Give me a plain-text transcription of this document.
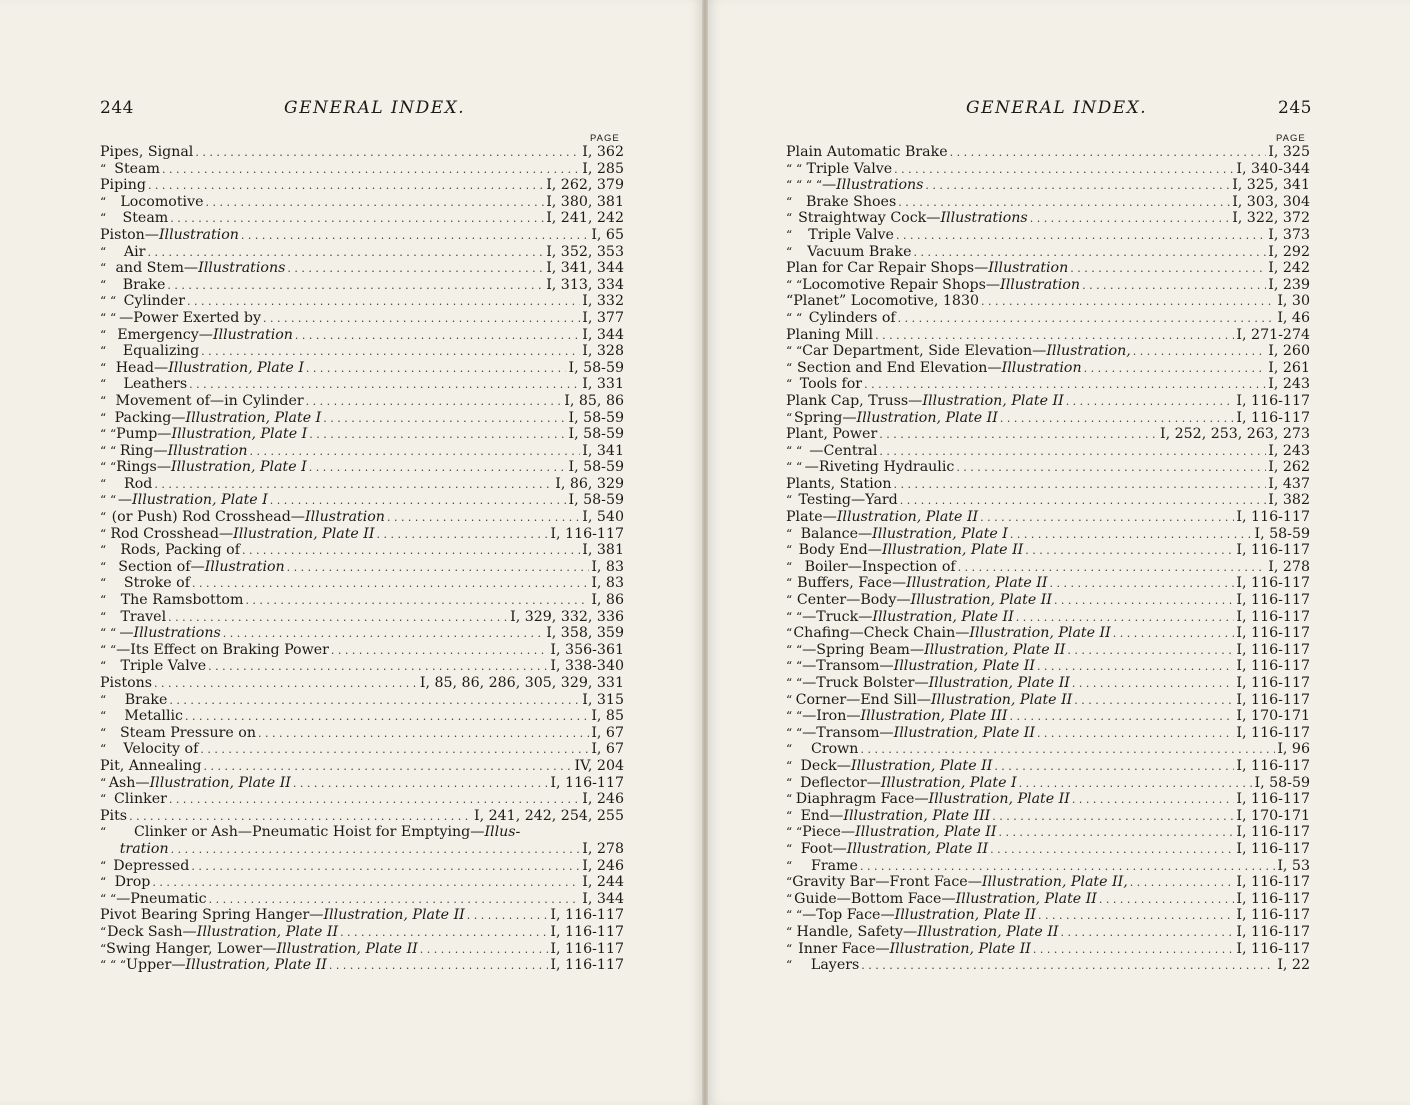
244	GENERAL INDEX.
PAGE
Pipes, Signal . . .	I, 362
“ Steam . . .	I, 285
Piping . . .	I, 262, 379
“	Locomotive . . .	I, 380, 381
“	Steam . . .	I, 241, 242
Piston—Illustration . . .	I, 65
“	Air . . .	I, 352, 353
“ and Stem—Illustrations . . .	I, 341, 344
“	Brake . . .	I, 313, 334
“ “ Cylinder . . .	I, 332
“ “ —Power Exerted by . . .	I, 377
“ Emergency—Illustration . . .	I, 344
“	Equalizing . . .	I, 328
“ Head—Illustration, Plate I . . .	I, 58-59
“	Leathers . . .	I, 331
“ Movement of—in Cylinder . . .	I, 85, 86
“ Packing—Illustration, Plate I . . .	I, 58-59
“ “ Pump—Illustration, Plate I . . .	I, 58-59
“ “ Ring—Illustration . . .	I, 341
“ “ Rings—Illustration, Plate I . . .	I, 58-59
“	Rod . . .	I, 86, 329
“ “ —Illustration, Plate I . . .	I, 58-59
“ (or Push) Rod Crosshead—Illustration . . .	I, 540
“ Rod Crosshead—Illustration, Plate II . . .	I, 116-117
“	Rods, Packing of . . .	I, 381
“ Section of—Illustration . . .	I, 83
“	Stroke of . . .	I, 83
“	The Ramsbottom . . .	I, 86
“	Travel . . .	I, 329, 332, 336
“ “ —Illustrations . . .	I, 358, 359
“ “ —Its Effect on Braking Power . . .	I, 356-361
“	Triple Valve . . .	I, 338-340
Pistons . . .	I, 85, 86, 286, 305, 329, 331
“	Brake . . .	I, 315
“	Metallic . . .	I, 85
“ Steam Pressure on . . .	I, 67
“	Velocity of . . .	I, 67
Pit, Annealing . . .	IV, 204
“ Ash—Illustration, Plate II . . .	I, 116-117
“ Clinker . . .	I, 246
Pits . . .	I, 241, 242, 254, 255
“	Clinker or Ash—Pneumatic Hoist for Emptying—Illus-
tration . . .	I, 278
“ Depressed . . .	I, 246
“ Drop . . .	I, 244
“ “ —Pneumatic . . .	I, 344
Pivot Bearing Spring Hanger—Illustration, Plate II . . .	I, 116-117
“ Deck Sash—Illustration, Plate II . . .	I, 116-117
“ Swing Hanger, Lower—Illustration, Plate II . . .	I, 116-117
“ “ “ Upper—Illustration, Plate II . . .	I, 116-117
GENERAL INDEX.	245
PAGE
Plain Automatic Brake . . .	I, 325
“ “ Triple Valve . . .	I, 340-344
“ “ “ “ —Illustrations . . .	I, 325, 341
“ Brake Shoes . . .	I, 303, 304
“ Straightway Cock—Illustrations . . .	I, 322, 372
“	Triple Valve . . .	I, 373
“	Vacuum Brake . . .	I, 292
Plan for Car Repair Shops—Illustration . . .	I, 242
“ “ Locomotive Repair Shops—Illustration . . .	I, 239
“Planet” Locomotive, 1830 . . .	I, 30
“ “ Cylinders of . . .	I, 46
Planing Mill . . .	I, 271-274
“ “ Car Department, Side Elevation—Illustration, . . .	I, 260
“ Section and End Elevation—Illustration . . .	I, 261
“ Tools for . . .	I, 243
Plank Cap, Truss—Illustration, Plate II . . .	I, 116-117
“ Spring—Illustration, Plate II . . .	I, 116-117
Plant, Power . . .	I, 252, 253, 263, 273
“ “ —Central . . .	I, 243
“ “ —Riveting Hydraulic . . .	I, 262
Plants, Station . . .	I, 437
“ Testing—Yard . . .	I, 382
Plate—Illustration, Plate II . . .	I, 116-117
“ Balance—Illustration, Plate I . . .	I, 58-59
“ Body End—Illustration, Plate II . . .	I, 116-117
“ Boiler—Inspection of . . .	I, 278
“ Buffers, Face—Illustration, Plate II . . .	I, 116-117
“ Center—Body—Illustration, Plate II . . .	I, 116-117
“ “ —Truck—Illustration, Plate II . . .	I, 116-117
“ Chafing—Check Chain—Illustration, Plate II . . .	I, 116-117
“ “ —Spring Beam—Illustration, Plate II . . .	I, 116-117
“ “ —Transom—Illustration, Plate II . . .	I, 116-117
“ “ —Truck Bolster—Illustration, Plate II . . .	I, 116-117
“ Corner—End Sill—Illustration, Plate II . . .	I, 116-117
“ “ —Iron—Illustration, Plate III . . .	I, 170-171
“ “ —Transom—Illustration, Plate II . . .	I, 116-117
“	Crown . . .	I, 96
“ Deck—Illustration, Plate II . . .	I, 116-117
“ Deflector—Illustration, Plate I . . .	I, 58-59
“ Diaphragm Face—Illustration, Plate II . . .	I, 116-117
“ End—Illustration, Plate III . . .	I, 170-171
“ “ Piece—Illustration, Plate II . . .	I, 116-117
“ Foot—Illustration, Plate II . . .	I, 116-117
“	Frame . . .	I, 53
“ Gravity Bar—Front Face—Illustration, Plate II, . . .	I, 116-117
“ Guide—Bottom Face—Illustration, Plate II . . .	I, 116-117
“ “ —Top Face—Illustration, Plate II . . .	I, 116-117
“ Handle, Safety—Illustration, Plate II . . .	I, 116-117
“ Inner Face—Illustration, Plate II . . .	I, 116-117
“	Layers . . .	I, 22
